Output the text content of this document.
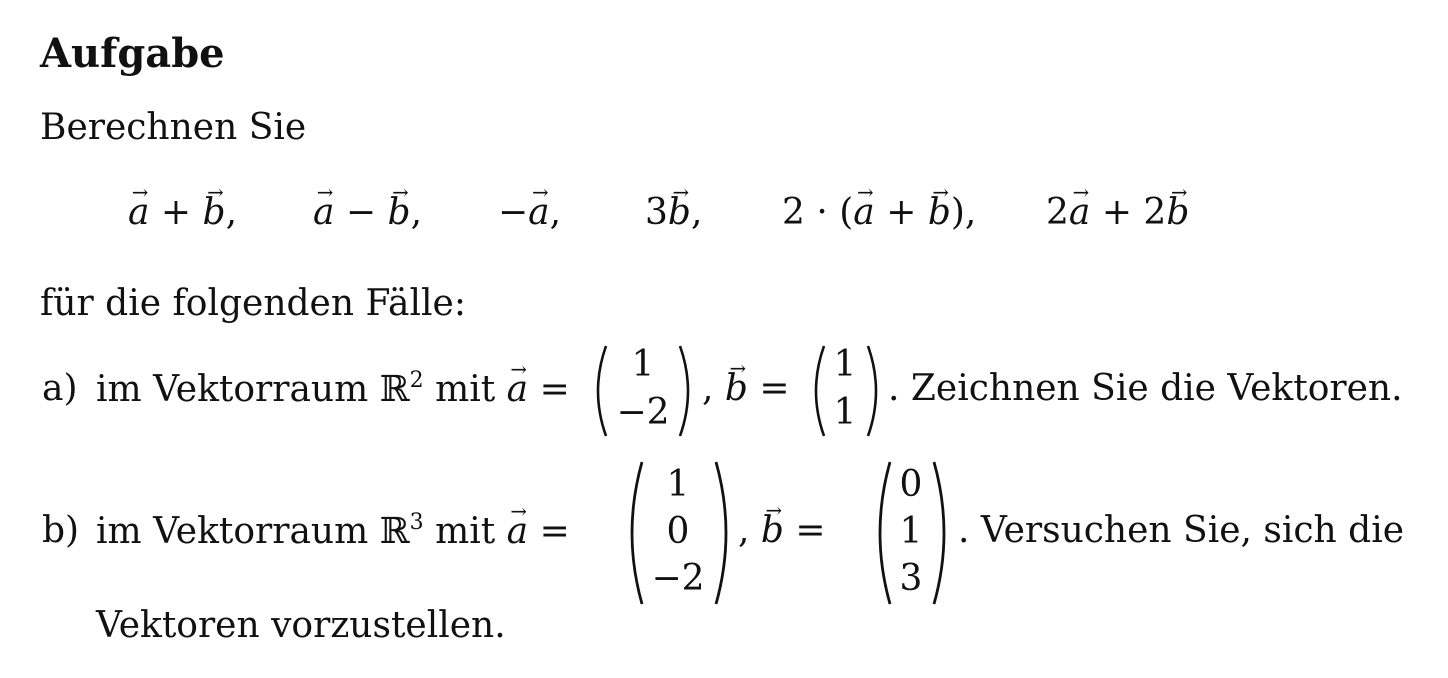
Aufgabe
Berechnen Sie
→ a + → b, → a − → b, −→ a, 3→ b, 2 · (→ a + → b), 2→ a + 2→ b
für die folgenden Fälle:
a) im Vektorraum ℝ$^2$ mit → a =
1
−2
, → b =
1
1
. Zeichnen Sie die Vektoren.
b) im Vektorraum ℝ$^3$ mit → a =
1
0
−2
, → b =
0
1
3
. Versuchen Sie, sich die
Vektoren vorzustellen.
